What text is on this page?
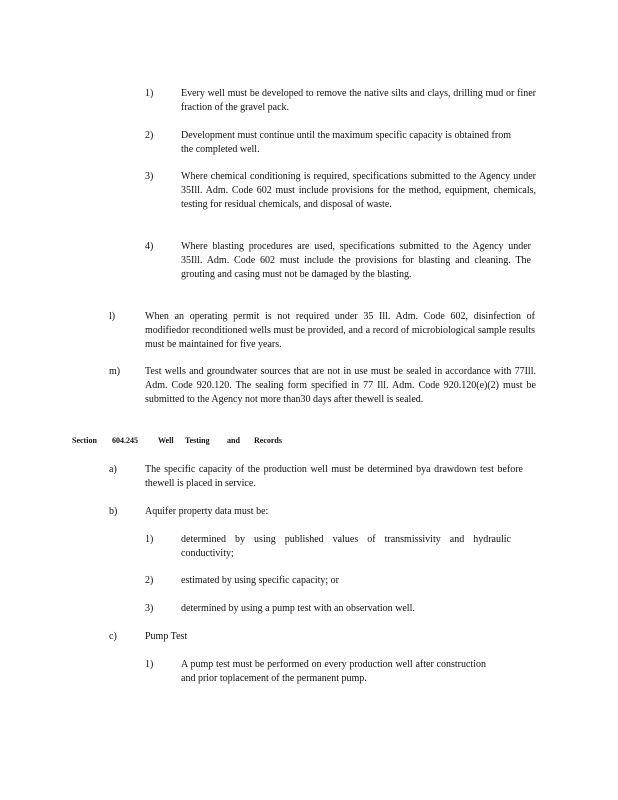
1)	Every well must be developed to remove the native silts and clays, drilling mud or finer fraction of the gravel pack.
2)	Development must continue until the maximum specific capacity is obtained from the completed well.
3)	Where chemical conditioning is required, specifications submitted to the Agency under 35Ill. Adm. Code 602 must include provisions for the method, equipment, chemicals, testing for residual chemicals, and disposal of waste.
4)	Where blasting procedures are used, specifications submitted to the Agency under 35Ill. Adm. Code 602 must include the provisions for blasting and cleaning. The grouting and casing must not be damaged by the blasting.
l)	When an operating permit is not required under 35 Ill. Adm. Code 602, disinfection of modifiedor reconditioned wells must be provided, and a record of microbiological sample results must be maintained for five years.
m) Test wells and groundwater sources that are not in use must be sealed in accordance with 77Ill. Adm. Code 920.120. The sealing form specified in 77 Ill. Adm. Code 920.120(e)(2) must be submitted to the Agency not more than30 days after thewell is sealed.
Section 604.245	Well Testing and Records
a)	The specific capacity of the production well must be determined bya drawdown test before thewell is placed in service.
b)	Aquifer property data must be:
1)	determined by using published values of transmissivity and hydraulic conductivity;
2)	estimated by using specific capacity; or
3)	determined by using a pump test with an observation well.
c)	Pump Test
1)	A pump test must be performed on every production well after construction and prior toplacement of the permanent pump.
